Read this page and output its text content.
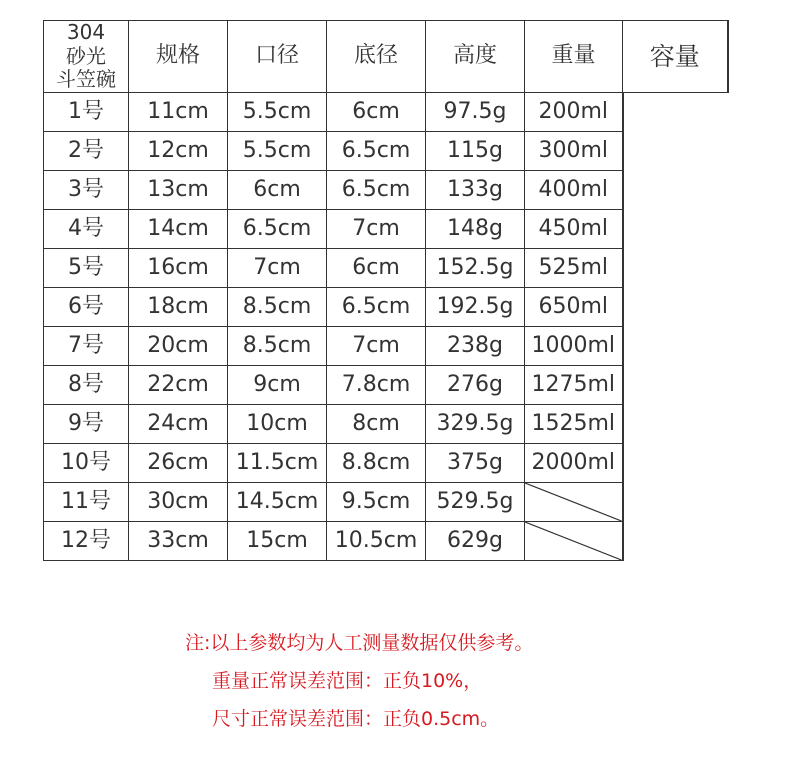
304
砂光
斗笠碗	规格	口径	底径	高度	重量	容量
1号	11cm	5.5cm	6cm	97.5g	200ml	
2号	12cm	5.5cm	6.5cm	115g	300ml	
3号	13cm	6cm	6.5cm	133g	400ml	
4号	14cm	6.5cm	7cm	148g	450ml	
5号	16cm	7cm	6cm	152.5g	525ml	
6号	18cm	8.5cm	6.5cm	192.5g	650ml	
7号	20cm	8.5cm	7cm	238g	1000ml	
8号	22cm	9cm	7.8cm	276g	1275ml	
9号	24cm	10cm	8cm	329.5g	1525ml	
10号	26cm	11.5cm	8.8cm	375g	2000ml	
11号	30cm	14.5cm	9.5cm	529.5g	

12号	33cm	15cm	10.5cm	629g	
注:以上参数均为人工测量数据仅供参考。
重量正常误差范围：正负10%，
尺寸正常误差范围：正负0.5cm。
